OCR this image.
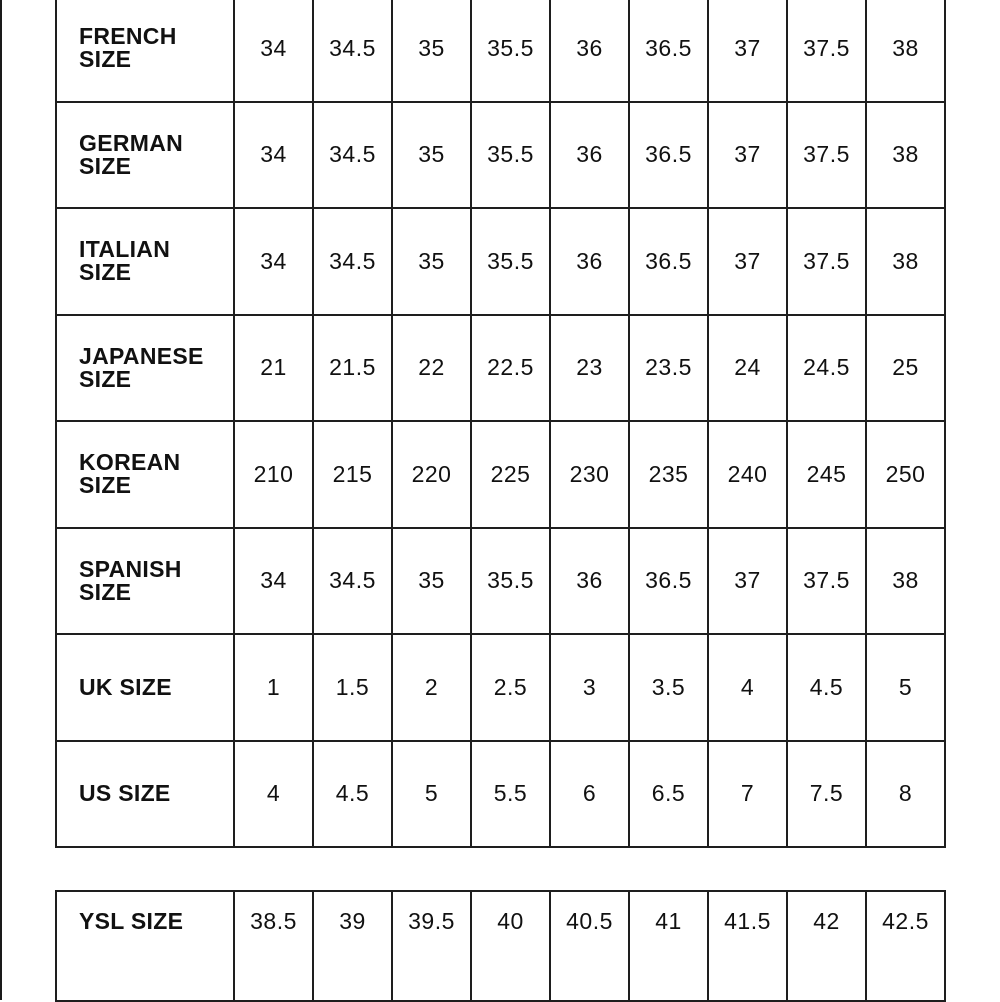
FRENCH
SIZE	34	34.5	35	35.5	36	36.5	37	37.5	38
GERMAN
SIZE	34	34.5	35	35.5	36	36.5	37	37.5	38
ITALIAN
SIZE	34	34.5	35	35.5	36	36.5	37	37.5	38
JAPANESE
SIZE	21	21.5	22	22.5	23	23.5	24	24.5	25
KOREAN
SIZE	210	215	220	225	230	235	240	245	250
SPANISH
SIZE	34	34.5	35	35.5	36	36.5	37	37.5	38
UK SIZE	1	1.5	2	2.5	3	3.5	4	4.5	5
US SIZE	4	4.5	5	5.5	6	6.5	7	7.5	8
YSL SIZE	38.5	39	39.5	40	40.5	41	41.5	42	42.5
